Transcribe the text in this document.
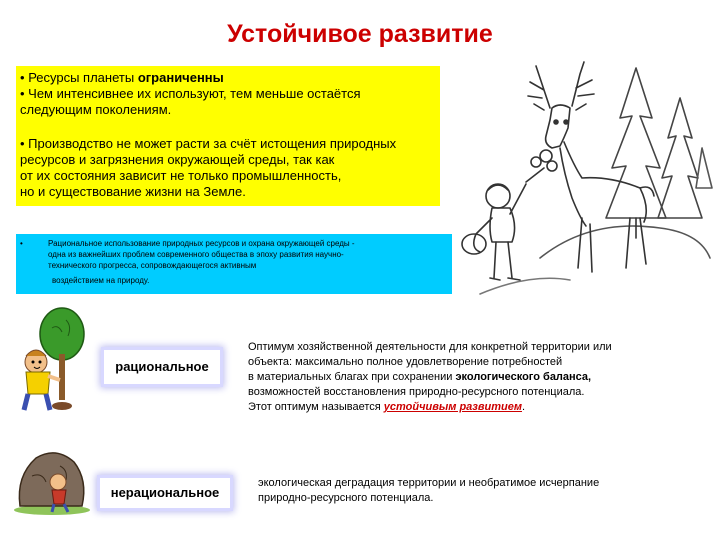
Устойчивое развитие

• Ресурсы планеты ограниченны

• Чем интенсивнее их используют, тем меньше остаётся

следующим поколениям.

• Производство не может расти за счёт истощения природных

ресурсов и загрязнения окружающей среды, так как

от их состояния зависит не только промышленность,

но и существование жизни на Земле.

•	Рациональное использование природных ресурсов и охрана окружающей среды -
одна из важнейших проблем современного общества в эпоху развития научно-
технического прогресса, сопровождающегося активным
воздействием на природу.
рациональное
нерациональное
Оптимум хозяйственной деятельности для конкретной территории или
объекта: максимально полное удовлетворение потребностей
в материальных благах при сохранении экологического баланса,
возможностей восстановления природно-ресурсного потенциала.
Этот оптимум называется устойчивым развитием.
экологическая деградация территории и необратимое исчерпание
природно-ресурсного потенциала.
